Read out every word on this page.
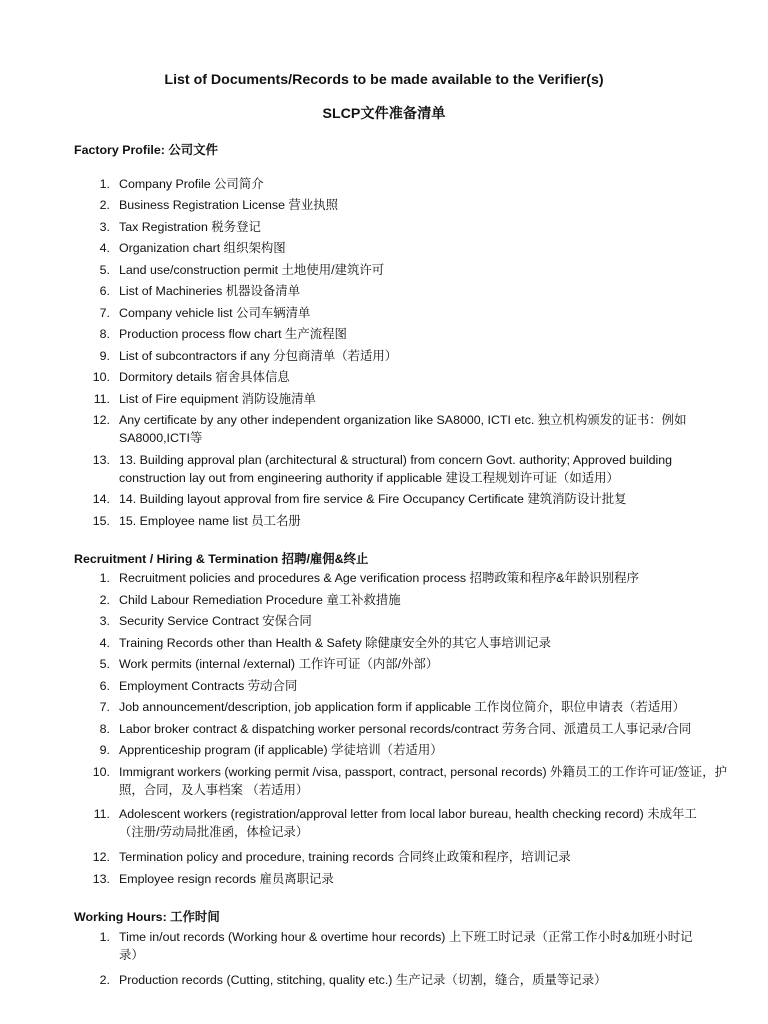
List of Documents/Records to be made available to the Verifier(s)
SLCP文件准备清单
Factory Profile: 公司文件
1. Company Profile 公司简介
2. Business Registration License 营业执照
3. Tax Registration 税务登记
4. Organization chart 组织架构图
5. Land use/construction permit 土地使用/建筑许可
6. List of Machineries 机器设备清单
7. Company vehicle list 公司车辆清单
8. Production process flow chart 生产流程图
9. List of subcontractors if any 分包商清单（若适用）
10. Dormitory details 宿舍具体信息
11. List of Fire equipment 消防设施清单
12. Any certificate by any other independent organization like SA8000, ICTI etc. 独立机构颁发的证书：例如SA8000,ICTI等
13. 13. Building approval plan (architectural & structural) from concern Govt. authority; Approved building construction lay out from engineering authority if applicable 建设工程规划许可证（如适用）
14. 14. Building layout approval from fire service & Fire Occupancy Certificate 建筑消防设计批复
15. 15. Employee name list 员工名册
Recruitment / Hiring & Termination 招聘/雇佣&终止
1. Recruitment policies and procedures & Age verification process 招聘政策和程序&年龄识别程序
2. Child Labour Remediation Procedure 童工补救措施
3. Security Service Contract 安保合同
4. Training Records other than Health & Safety 除健康安全外的其它人事培训记录
5. Work permits (internal /external) 工作许可证（内部/外部）
6. Employment Contracts 劳动合同
7. Job announcement/description, job application form if applicable 工作岗位简介，职位申请表（若适用）
8. Labor broker contract & dispatching worker personal records/contract 劳务合同、派遣员工人事记录/合同
9. Apprenticeship program (if applicable) 学徒培训（若适用）
10. Immigrant workers (working permit /visa, passport, contract, personal records) 外籍员工的工作许可证/签证，护照，合同，及人事档案 （若适用）
11. Adolescent workers (registration/approval letter from local labor bureau, health checking record) 未成年工（注册/劳动局批准函，体检记录）
12. Termination policy and procedure, training records 合同终止政策和程序，培训记录
13. Employee resign records 雇员离职记录
Working Hours: 工作时间
1. Time in/out records (Working hour & overtime hour records) 上下班工时记录（正常工作小时&加班小时记录）
2. Production records (Cutting, stitching, quality etc.) 生产记录（切割，缝合，质量等记录）
